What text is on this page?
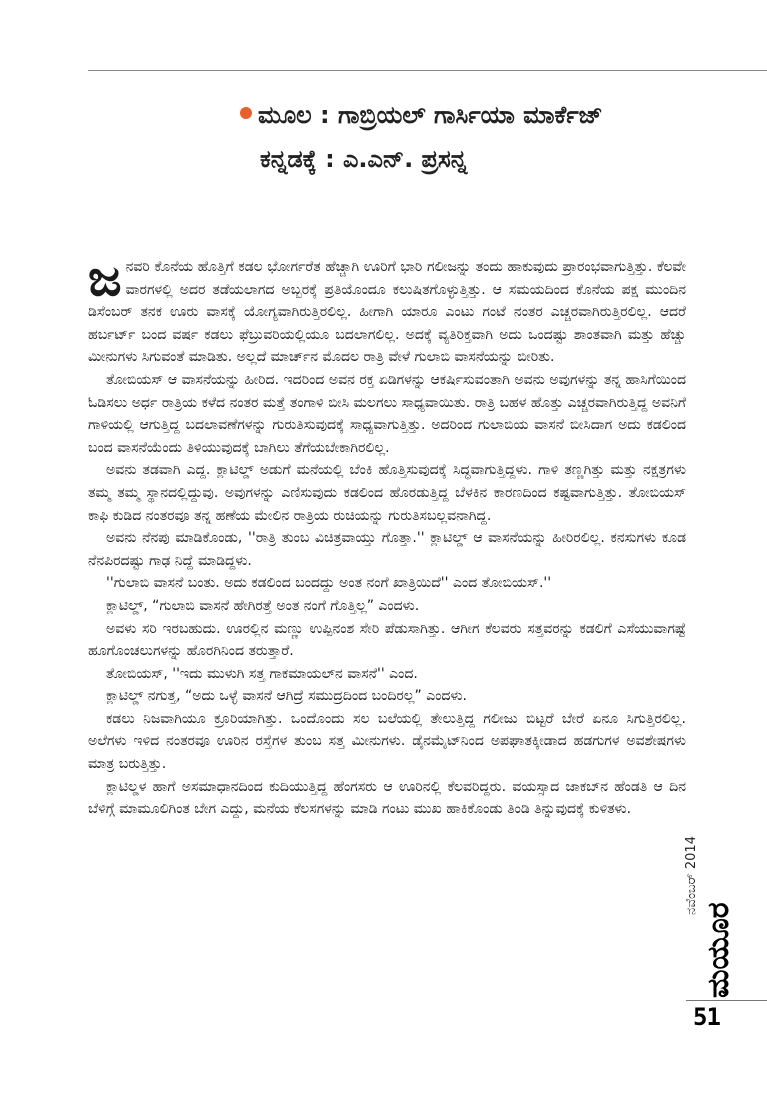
ಮೂಲ : ಗಾಬ್ರಿಯಲ್ ಗಾರ್ಸಿಯಾ ಮಾರ್ಕೆಜ್
ಕನ್ನಡಕ್ಕೆ : ಎ.ಎನ್. ಪ್ರಸನ್ನ

ಜ ನವರಿ ಕೊನೆಯ ಹೊತ್ತಿಗೆ ಕಡಲ ಭೋರ್ಗರೆತ ಹೆಚ್ಚಾಗಿ ಊರಿಗೆ ಭಾರಿ ಗಲೀಜನ್ನು ತಂದು ಹಾಕುವುದು ಪ್ರಾರಂಭವಾಗುತ್ತಿತ್ತು. ಕೆಲವೇ ವಾರಗಳಲ್ಲಿ ಅದರ ತಡೆಯಲಾಗದ ಅಬ್ಬರಕ್ಕೆ ಪ್ರತಿಯೊಂದೂ ಕಲುಷಿತಗೊಳ್ಳುತ್ತಿತ್ತು. ಆ ಸಮಯದಿಂದ ಕೊನೆಯ ಪಕ್ಷ ಮುಂದಿನ ಡಿಸೆಂಬರ್ ತನಕ ಊರು ವಾಸಕ್ಕೆ ಯೋಗ್ಯವಾಗಿರುತ್ತಿರಲಿಲ್ಲ. ಹೀಗಾಗಿ ಯಾರೂ ಎಂಟು ಗಂಟೆ ನಂತರ ಎಚ್ಚರವಾಗಿರುತ್ತಿರಲಿಲ್ಲ. ಆದರೆ ಹರ್ಬರ್ಟ್ ಬಂದ ವರ್ಷ ಕಡಲು ಫೆಬ್ರುವರಿಯಲ್ಲಿಯೂ ಬದಲಾಗಲಿಲ್ಲ. ಅದಕ್ಕೆ ವ್ಯತಿರಿಕ್ತವಾಗಿ ಅದು ಒಂದಷ್ಟು ಶಾಂತವಾಗಿ ಮತ್ತು ಹೆಚ್ಚು ಮೀನುಗಳು ಸಿಗುವಂತೆ ಮಾಡಿತು. ಅಲ್ಲದೆ ಮಾರ್ಚ್‌ನ ಮೊದಲ ರಾತ್ರಿ ವೇಳೆ ಗುಲಾಬಿ ವಾಸನೆಯನ್ನು ಬೀರಿತು.

ತೋಬಿಯಸ್ ಆ ವಾಸನೆಯನ್ನು ಹೀರಿದ. ಇದರಿಂದ ಅವನ ರಕ್ತ ಏಡಿಗಳನ್ನು ಆಕರ್ಷಿಸುವಂತಾಗಿ ಅವನು ಅವುಗಳನ್ನು ತನ್ನ ಹಾಸಿಗೆಯಿಂದ ಓಡಿಸಲು ಅರ್ಧ ರಾತ್ರಿಯ ಕಳೆದ ನಂತರ ಮತ್ತೆ ತಂಗಾಳಿ ಬೀಸಿ ಮಲಗಲು ಸಾಧ್ಯವಾಯಿತು. ರಾತ್ರಿ ಬಹಳ ಹೊತ್ತು ಎಚ್ಚರವಾಗಿರುತ್ತಿದ್ದ ಅವನಿಗೆ ಗಾಳಿಯಲ್ಲಿ ಆಗುತ್ತಿದ್ದ ಬದಲಾವಣೆಗಳನ್ನು ಗುರುತಿಸುವುದಕ್ಕೆ ಸಾಧ್ಯವಾಗುತ್ತಿತ್ತು. ಅದರಿಂದ ಗುಲಾಬಿಯ ವಾಸನೆ ಬೀಸಿದಾಗ ಅದು ಕಡಲಿಂದ ಬಂದ ವಾಸನೆಯೆಂದು ತಿಳಿಯುವುದಕ್ಕೆ ಬಾಗಿಲು ತೆಗೆಯಬೇಕಾಗಿರಲಿಲ್ಲ.

ಅವನು ತಡವಾಗಿ ಎದ್ದ. ಕ್ಲಾಟಿಲ್ಡ್ ಅಡುಗೆ ಮನೆಯಲ್ಲಿ ಬೆಂಕಿ ಹೊತ್ತಿಸುವುದಕ್ಕೆ ಸಿದ್ಧವಾಗುತ್ತಿದ್ದಳು. ಗಾಳಿ ತಣ್ಣಗಿತ್ತು ಮತ್ತು ನಕ್ಷತ್ರಗಳು ತಮ್ಮ ತಮ್ಮ ಸ್ಥಾನದಲ್ಲಿದ್ದುವು. ಅವುಗಳನ್ನು ಎಣಿಸುವುದು ಕಡಲಿಂದ ಹೊರಡುತ್ತಿದ್ದ ಬೆಳಕಿನ ಕಾರಣದಿಂದ ಕಷ್ಟವಾಗುತ್ತಿತ್ತು. ತೋಬಿಯಸ್ ಕಾಫಿ ಕುಡಿದ ನಂತರವೂ ತನ್ನ ಹಣೆಯ ಮೇಲಿನ ರಾತ್ರಿಯ ರುಚಿಯನ್ನು ಗುರುತಿಸಬಲ್ಲವನಾಗಿದ್ದ.

ಅವನು ನೆನಪು ಮಾಡಿಕೊಂಡು, ''ರಾತ್ರಿ ತುಂಬ ವಿಚಿತ್ರವಾಯ್ತು ಗೊತ್ತಾ.'' ಕ್ಲಾಟಿಲ್ಡ್ ಆ ವಾಸನೆಯನ್ನು ಹೀರಿರಲಿಲ್ಲ. ಕನಸುಗಳು ಕೂಡ ನೆನಪಿರದಷ್ಟು ಗಾಢ ನಿದ್ದೆ ಮಾಡಿದ್ದಳು.

''ಗುಲಾಬಿ ವಾಸನೆ ಬಂತು. ಅದು ಕಡಲಿಂದ ಬಂದದ್ದು ಅಂತ ನಂಗೆ ಖಾತ್ರಿಯಿದೆ'' ಎಂದ ತೋಬಿಯಸ್.''

ಕ್ಲಾಟಿಲ್ಡ್, “ಗುಲಾಬಿ ವಾಸನೆ ಹೇಗಿರತ್ತೆ ಅಂತ ನಂಗೆ ಗೊತ್ತಿಲ್ಲ” ಎಂದಳು.

ಅವಳು ಸರಿ ಇರಬಹುದು. ಊರಲ್ಲಿನ ಮಣ್ಣು ಉಪ್ಪಿನಂಶ ಸೇರಿ ಪೆಡುಸಾಗಿತ್ತು. ಆಗೀಗ ಕೆಲವರು ಸತ್ತವರನ್ನು ಕಡಲಿಗೆ ಎಸೆಯುವಾಗಷ್ಟೆ ಹೂಗೊಂಚಲುಗಳನ್ನು ಹೊರಗಿನಿಂದ ತರುತ್ತಾರೆ.

ತೋಬಿಯಸ್, ''ಇದು ಮುಳುಗಿ ಸತ್ತ ಗಾಕಮಾಯಲ್‌ನ ವಾಸನೆ'' ಎಂದ.

ಕ್ಲಾಟಿಲ್ಡ್ ನಗುತ್ತ, “ಅದು ಒಳ್ಳೆ ವಾಸನೆ ಆಗಿದ್ರೆ ಸಮುದ್ರದಿಂದ ಬಂದಿರಲ್ಲ” ಎಂದಳು.

ಕಡಲು ನಿಜವಾಗಿಯೂ ಕ್ರೂರಿಯಾಗಿತ್ತು. ಒಂದೊಂದು ಸಲ ಬಲೆಯಲ್ಲಿ ತೇಲುತ್ತಿದ್ದ ಗಲೀಜು ಬಿಟ್ಟರೆ ಬೇರೆ ಏನೂ ಸಿಗುತ್ತಿರಲಿಲ್ಲ. ಅಲೆಗಳು ಇಳಿದ ನಂತರವೂ ಊರಿನ ರಸ್ತೆಗಳ ತುಂಬ ಸತ್ತ ಮೀನುಗಳು. ಡೈನಮೈಟ್‌ನಿಂದ ಅಪಘಾತಕ್ಕೀಡಾದ ಹಡಗುಗಳ ಅವಶೇಷಗಳು ಮಾತ್ರ ಬರುತ್ತಿತ್ತು.

ಕ್ಲಾಟಿಲ್ಡಳ ಹಾಗೆ ಅಸಮಾಧಾನದಿಂದ ಕುದಿಯುತ್ತಿದ್ದ ಹೆಂಗಸರು ಆ ಊರಿನಲ್ಲಿ ಕೆಲವರಿದ್ದರು. ವಯಸ್ಸಾದ ಜಾಕಬ್‌ನ ಹೆಂಡತಿ ಆ ದಿನ ಬೆಳಿಗ್ಗೆ ಮಾಮೂಲಿಗಿಂತ ಬೇಗ ಎದ್ದು, ಮನೆಯ ಕೆಲಸಗಳನ್ನು ಮಾಡಿ ಗಂಟು ಮುಖ ಹಾಕಿಕೊಂಡು ತಿಂಡಿ ತಿನ್ನುವುದಕ್ಕೆ ಕುಳಿತಳು.

ಮಯೂರ
ನವೆಂಬರ್ 2014
51
